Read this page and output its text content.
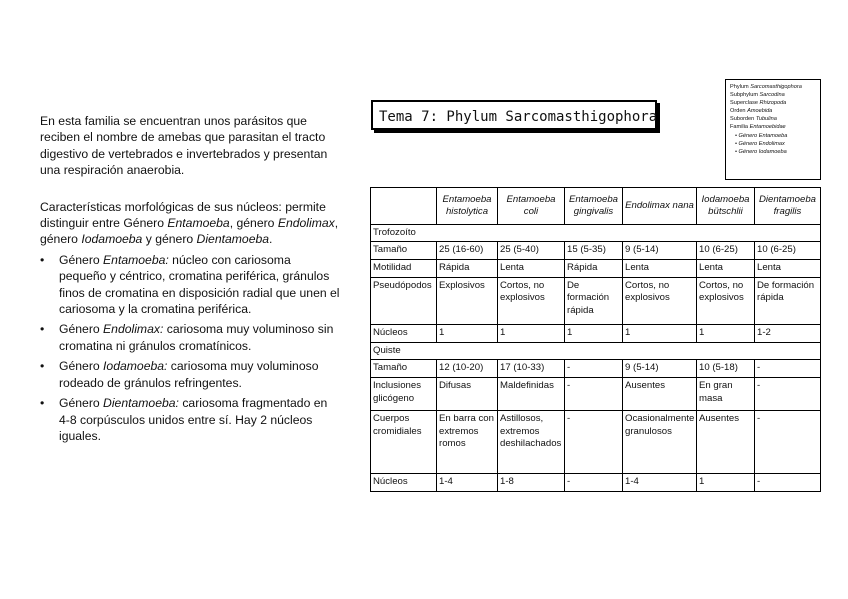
En esta familia se encuentran unos parásitos que reciben el nombre de amebas que parasitan el tracto digestivo de vertebrados e invertebrados y presentan una respiración anaerobia.

Características morfológicas de sus núcleos: permite distinguir entre Género Entamoeba, género Endolimax, género Iodamoeba y género Dientamoeba.

• Género Entamoeba: núcleo con cariosoma pequeño y céntrico, cromatina periférica, gránulos finos de cromatina en disposición radial que unen el cariosoma y la cromatina periférica.
• Género Endolimax: cariosoma muy voluminoso sin cromatina ni gránulos cromatínicos.
• Género Iodamoeba: cariosoma muy voluminoso rodeado de gránulos refringentes.
• Género Dientamoeba: cariosoma fragmentado en 4-8 corpúsculos unidos entre sí. Hay 2 núcleos iguales.
Tema 7: Phylum Sarcomasthigophora
Phylum Sarcomasthigophora
Subphylum Sarcodina
Superclase Rhizopoda
Orden Amoebida
Suborden Tubulina
Familia Entamoebidae
• Género Entamoeba
• Género Endolimax
• Género Iodamoeba
	Entamoeba histolytica	Entamoeba coli	Entamoeba gingivalis	Endolimax nana	Iodamoeba bütschlii	Dientamoeba fragilis
Trofozoíto						
Tamaño	25 (16-60)	25 (5-40)	15 (5-35)	9 (5-14)	10 (6-25)	10 (6-25)
Motilidad	Rápida	Lenta	Rápida	Lenta	Lenta	Lenta
Pseudópodos	Explosivos	Cortos, no explosivos	De formación rápida	Cortos, no explosivos	Cortos, no explosivos	De formación rápida
Núcleos	1	1	1	1	1	1-2
Quiste						
Tamaño	12 (10-20)	17 (10-33)	-	9 (5-14)	10 (5-18)	-
Inclusiones glicógeno	Difusas	Maldefinidas	-	Ausentes	En gran masa	-
Cuerpos cromidiales	En barra con extremos romos	Astillosos, extremos deshilachados	-	Ocasionalmente granulosos	Ausentes	-
Núcleos	1-4	1-8	-	1-4	1	-
